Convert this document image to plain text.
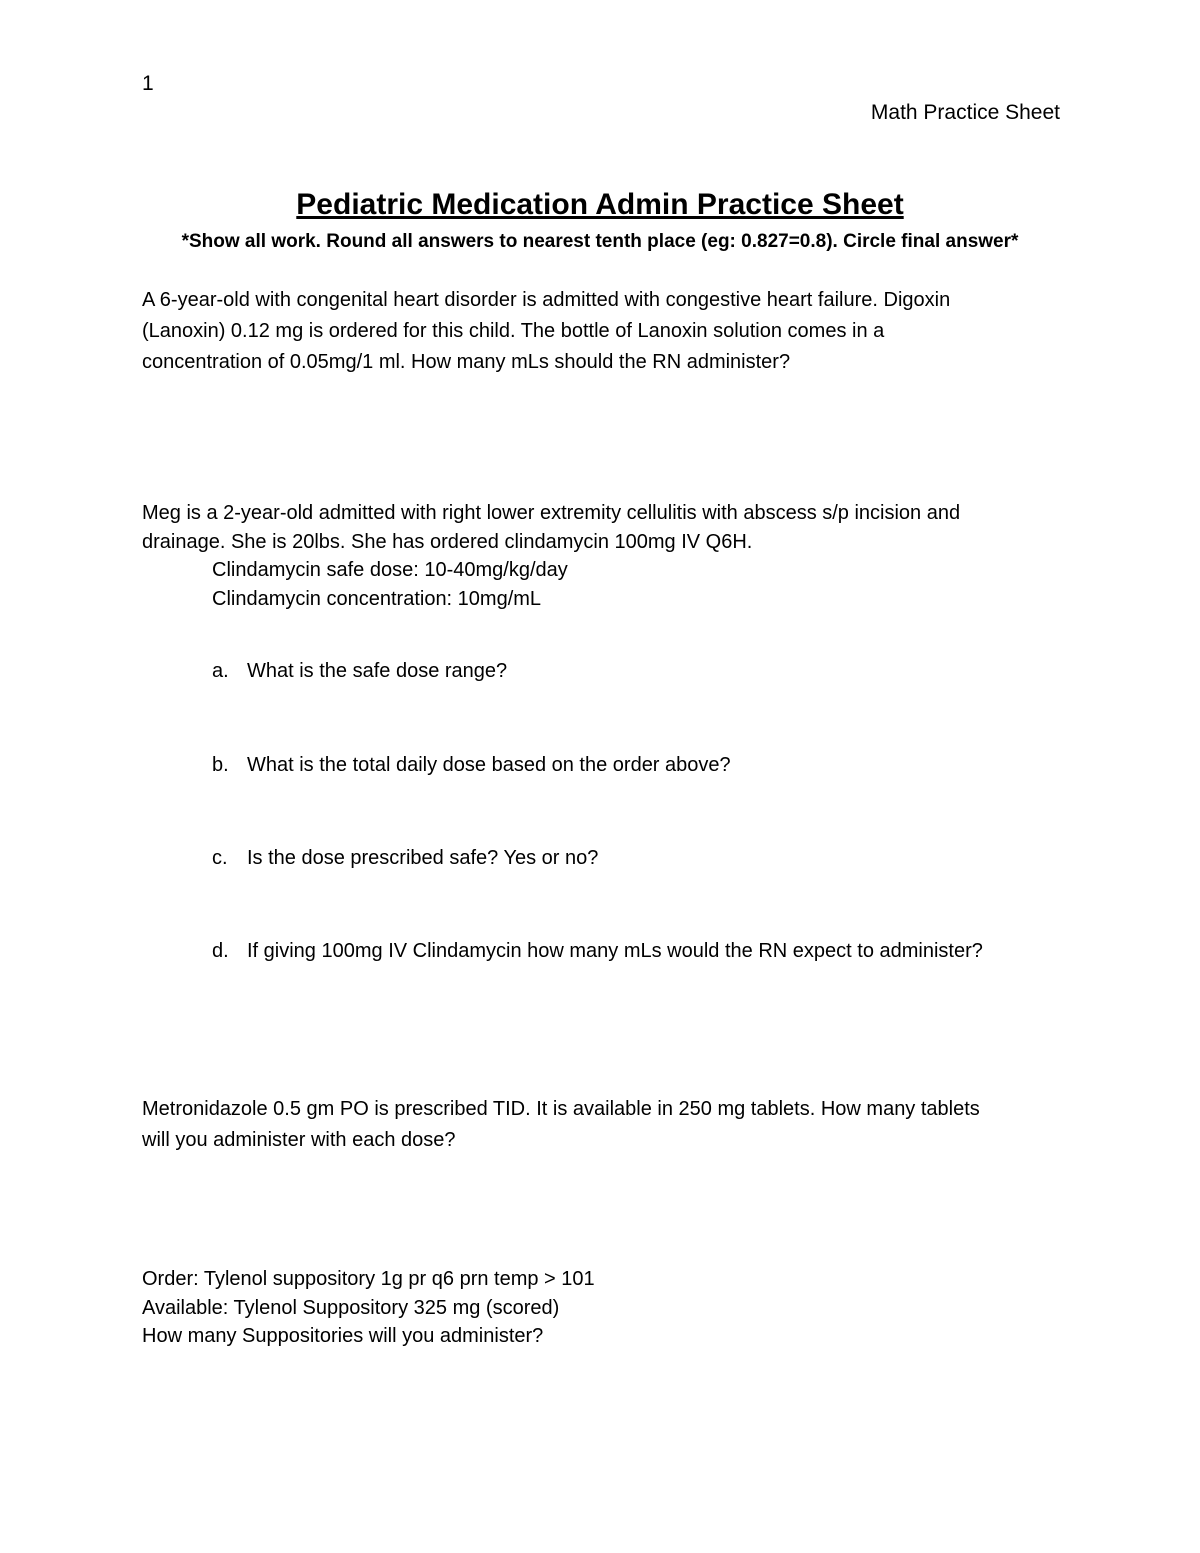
1
Math Practice Sheet
Pediatric Medication Admin Practice Sheet
*Show all work. Round all answers to nearest tenth place (eg: 0.827=0.8). Circle final answer*

A 6-year-old with congenital heart disorder is admitted with congestive heart failure. Digoxin

(Lanoxin) 0.12 mg is ordered for this child. The bottle of Lanoxin solution comes in a

concentration of 0.05mg/1 ml. How many mLs should the RN administer?

Meg is a 2-year-old admitted with right lower extremity cellulitis with abscess s/p incision and

drainage. She is 20lbs. She has ordered clindamycin 100mg IV Q6H.

Clindamycin safe dose: 10-40mg/kg/day

Clindamycin concentration: 10mg/mL

a. What is the safe dose range?
b. What is the total daily dose based on the order above?
c. Is the dose prescribed safe? Yes or no?
d. If giving 100mg IV Clindamycin how many mLs would the RN expect to administer?

Metronidazole 0.5 gm PO is prescribed TID. It is available in 250 mg tablets. How many tablets

will you administer with each dose?

Order: Tylenol suppository 1g pr q6 prn temp > 101

Available: Tylenol Suppository 325 mg (scored)

How many Suppositories will you administer?
